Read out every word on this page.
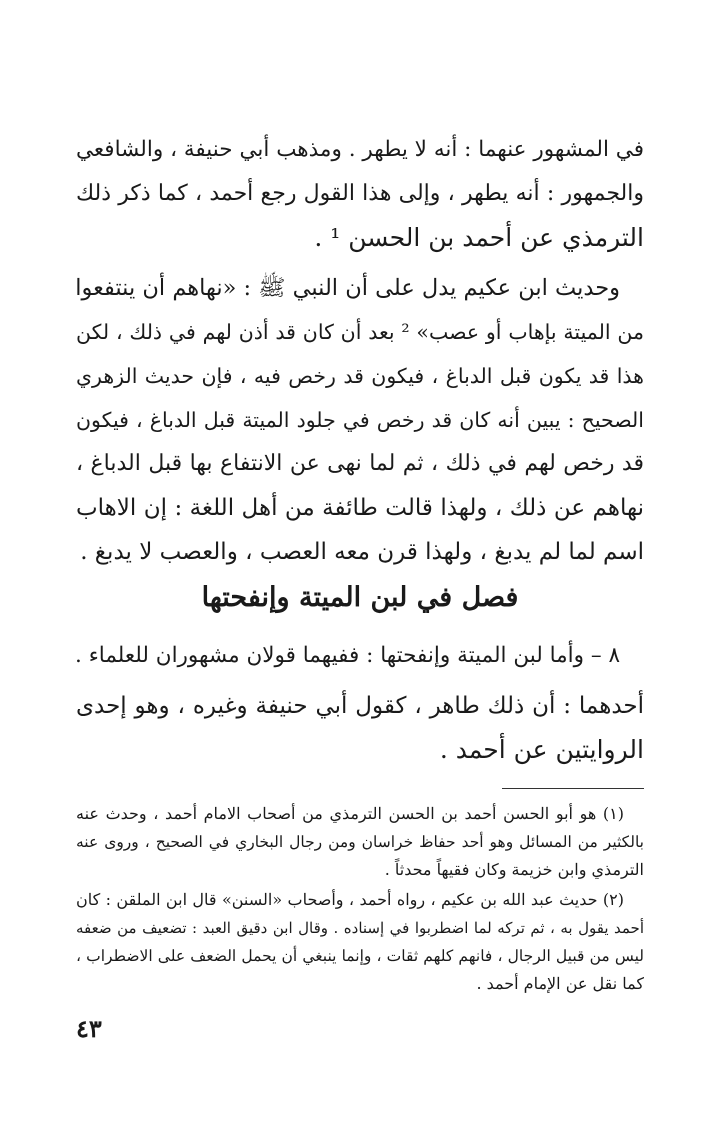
في المشهور عنهما : أنه لا يطهر . ومذهب أبي حنيفة ، والشافعي
والجمهور : أنه يطهر ، وإلى هذا القول رجع أحمد ، كما ذكر ذلك
الترمذي عن أحمد بن الحسن ¹ .
وحديث ابن عكيم يدل على أن النبي ﷺ : «نهاهم أن ينتفعوا
من الميتة بإهاب أو عصب» ² بعد أن كان قد أذن لهم في ذلك ، لكن
هذا قد يكون قبل الدباغ ، فيكون قد رخص فيه ، فإن حديث الزهري
الصحيح : يبين أنه كان قد رخص في جلود الميتة قبل الدباغ ، فيكون
قد رخص لهم في ذلك ، ثم لما نهى عن الانتفاع بها قبل الدباغ ،
نهاهم عن ذلك ، ولهذا قالت طائفة من أهل اللغة : إن الاهاب
اسم لما لم يدبغ ، ولهذا قرن معه العصب ، والعصب لا يدبغ .
فصل في لبن الميتة وإنفحتها
٨ – وأما لبن الميتة وإنفحتها : ففيهما قولان مشهوران للعلماء .
أحدهما : أن ذلك طاهر ، كقول أبي حنيفة وغيره ، وهو إحدى
الروايتين عن أحمد .
(١) هو أبو الحسن أحمد بن الحسن الترمذي من أصحاب الامام أحمد ، وحدث عنه
بالكثير من المسائل وهو أحد حفاظ خراسان ومن رجال البخاري في الصحيح ، وروى عنه
الترمذي وابن خزيمة وكان فقيهاً محدثاً .
(٢) حديث عبد الله بن عكيم ، رواه أحمد ، وأصحاب «السنن» قال ابن الملقن : كان
أحمد يقول به ، ثم تركه لما اضطربوا في إسناده . وقال ابن دقيق العبد : تضعيف من ضعفه
ليس من قبيل الرجال ، فانهم كلهم ثقات ، وإنما ينبغي أن يحمل الضعف على الاضطراب ،
كما نقل عن الإمام أحمد .
٤٣
